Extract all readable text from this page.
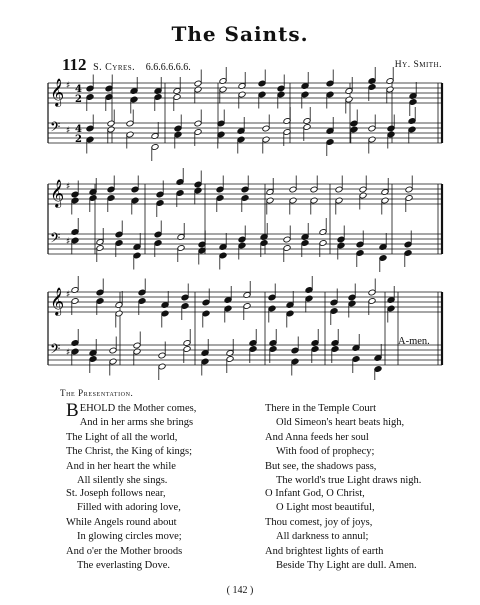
The Saints.
112 S. Cyres. 6.6.6.6.6.6.	Hy. Smith.
𝄞 ♯
𝄢 ♯
𝄞 ♯
𝄢 ♯
𝄞 ♯
𝄢 ♯
4
2
4
2
A-men.
The Presentation.
BEHOLD the Mother comes,
And in her arms she brings
The Light of all the world,
The Christ, the King of kings;
And in her heart the while
All silently she sings.
St. Joseph follows near,
Filled with adoring love,
While Angels round about
In glowing circles move;
And o'er the Mother broods
The everlasting Dove.
There in the Temple Court
Old Simeon's heart beats high,
And Anna feeds her soul
With food of prophecy;
But see, the shadows pass,
The world's true Light draws nigh.
O Infant God, O Christ,
O Light most beautiful,
Thou comest, joy of joys,
All darkness to annul;
And brightest lights of earth
Beside Thy Light are dull. Amen.
( 142 )
